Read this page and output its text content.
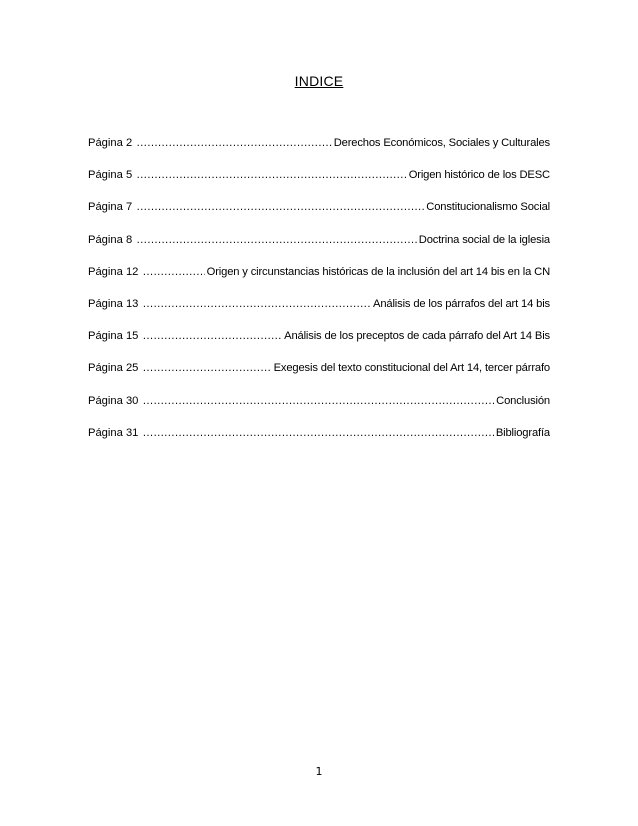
INDICE
Página 2 …………………………………………………………………………………………………………………………………………………………………………	Derechos Económicos, Sociales y Culturales
Página 5 …………………………………………………………………………………………………………………………………………………………………………	Origen histórico de los DESC
Página 7 …………………………………………………………………………………………………………………………………………………………………………	Constitucionalismo Social
Página 8 …………………………………………………………………………………………………………………………………………………………………………	Doctrina social de la iglesia
Página 12 …………………………………………………………………………………………………………………………………………………………………………	Origen y circunstancias históricas de la inclusión del art 14 bis en la CN
Página 13 …………………………………………………………………………………………………………………………………………………………………………	Análisis de los párrafos del art 14 bis
Página 15 …………………………………………………………………………………………………………………………………………………………………………	Análisis de los preceptos de cada párrafo del Art 14 Bis
Página 25 …………………………………………………………………………………………………………………………………………………………………………	Exegesis del texto constitucional del Art 14, tercer párrafo
Página 30 …………………………………………………………………………………………………………………………………………………………………………	Conclusión
Página 31 …………………………………………………………………………………………………………………………………………………………………………	Bibliografía
1
